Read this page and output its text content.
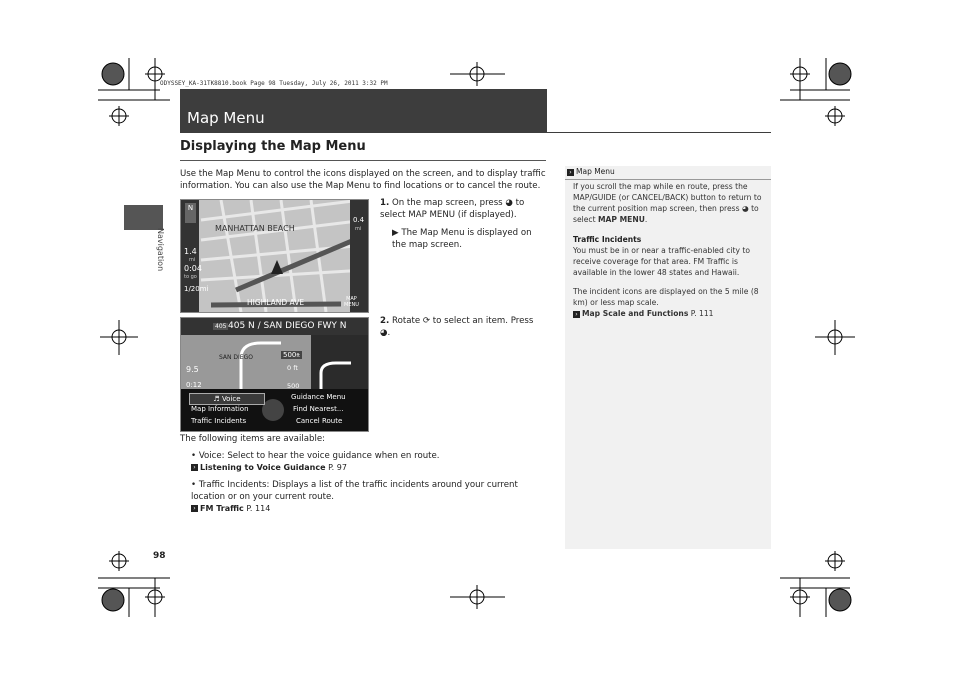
ODYSSEY_KA-31TK8810.book Page 98 Tuesday, July 26, 2011 3:32 PM
Map Menu
Navigation
Displaying the Map Menu
Use the Map Menu to control the icons displayed on the screen, and to display traffic information. You can also use the Map Menu to find locations or to cancel the route.
MANHATTAN BEACH
HIGHLAND AVE
N
1.4
mi
0:04
to go
1/20mi
0.4
mi
MAP
MENU
405 405 N / SAN DIEGO FWY N
SAN DIEGO	500ft
0 ft
500
9.5
0:12
♬ Voice	Guidance Menu
Map Information	Find Nearest...
Traffic Incidents	Cancel Route
1. On the map screen, press ◕ to select MAP MENU (if displayed).
▶ The Map Menu is displayed on the map screen.
2. Rotate ⟳ to select an item. Press ◕.
The following items are available:
• Voice: Select to hear the voice guidance when en route.
› Listening to Voice Guidance P. 97
• Traffic Incidents: Displays a list of the traffic incidents around your current location or on your current route.
› FM Traffic P. 114
› Map Menu
If you scroll the map while en route, press the MAP/GUIDE (or CANCEL/BACK) button to return to the current position map screen, then press ◕ to select MAP MENU.
Traffic Incidents
You must be in or near a traffic-enabled city to receive coverage for that area. FM Traffic is available in the lower 48 states and Hawaii.
The incident icons are displayed on the 5 mile (8 km) or less map scale.
› Map Scale and Functions P. 111
98
